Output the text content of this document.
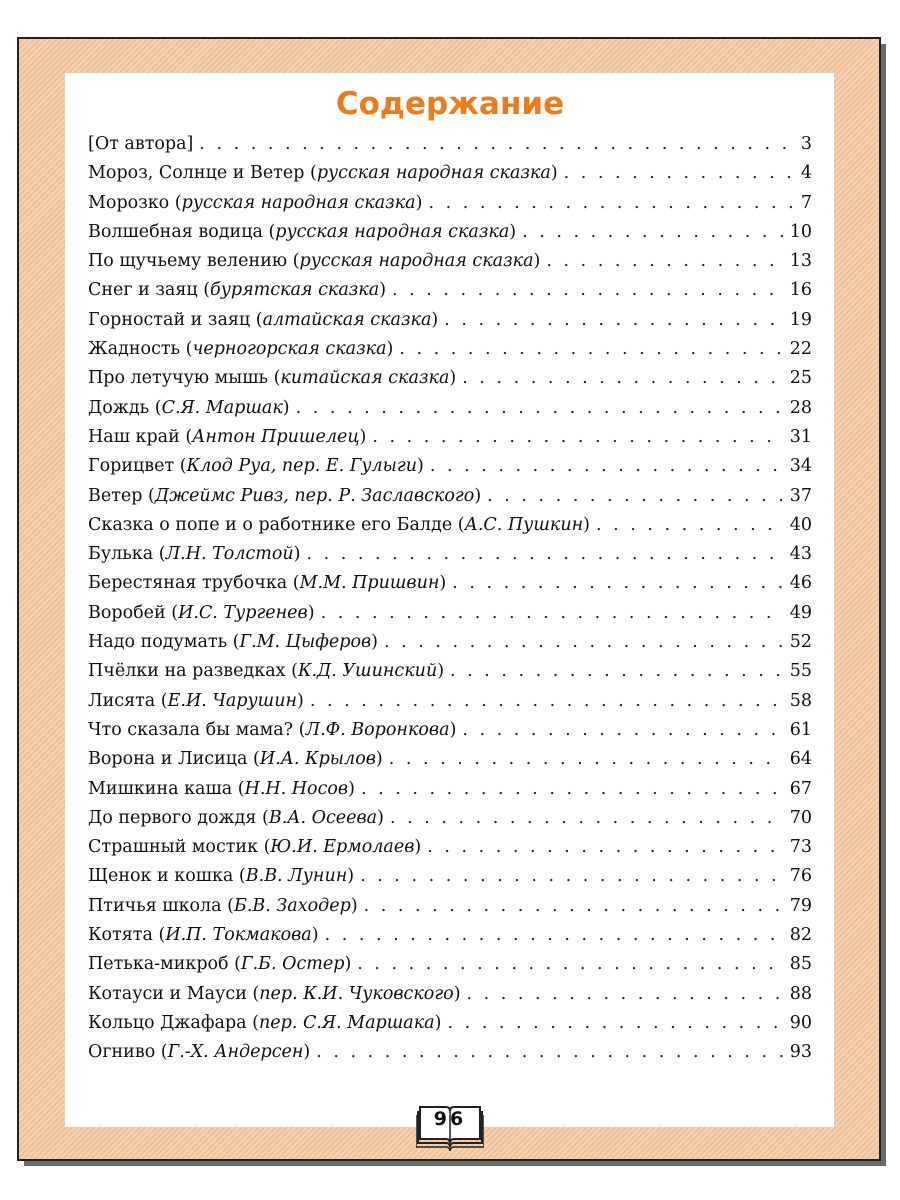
Содержание
[От автора] . . .	3
Мороз, Солнце и Ветер (русская народная сказка) . . .	4
Морозко (русская народная сказка) . . .	7
Волшебная водица (русская народная сказка) . . .	10
По щучьему велению (русская народная сказка) . . .	13
Снег и заяц (бурятская сказка) . . .	16
Горностай и заяц (алтайская сказка) . . .	19
Жадность (черногорская сказка) . . .	22
Про летучую мышь (китайская сказка) . . .	25
Дождь (С.Я. Маршак) . . .	28
Наш край (Антон Пришелец) . . .	31
Горицвет (Клод Руа, пер. Е. Гулыги) . . .	34
Ветер (Джеймс Ривз, пер. Р. Заславского) . . .	37
Сказка о попе и о работнике его Балде (А.С. Пушкин) . . .	40
Булька (Л.Н. Толстой) . . .	43
Берестяная трубочка (М.М. Пришвин) . . .	46
Воробей (И.С. Тургенев) . . .	49
Надо подумать (Г.М. Цыферов) . . .	52
Пчёлки на разведках (К.Д. Ушинский) . . .	55
Лисята (Е.И. Чарушин) . . .	58
Что сказала бы мама? (Л.Ф. Воронкова) . . .	61
Ворона и Лисица (И.А. Крылов) . . .	64
Мишкина каша (Н.Н. Носов) . . .	67
До первого дождя (В.А. Осеева) . . .	70
Страшный мостик (Ю.И. Ермолаев) . . .	73
Щенок и кошка (В.В. Лунин) . . .	76
Птичья школа (Б.В. Заходер) . . .	79
Котята (И.П. Токмакова) . . .	82
Петька-микроб (Г.Б. Остер) . . .	85
Котауси и Мауси (пер. К.И. Чуковского) . . .	88
Кольцо Джафара (пер. С.Я. Маршака) . . .	90
Огниво (Г.-Х. Андерсен) . . .	93
96
